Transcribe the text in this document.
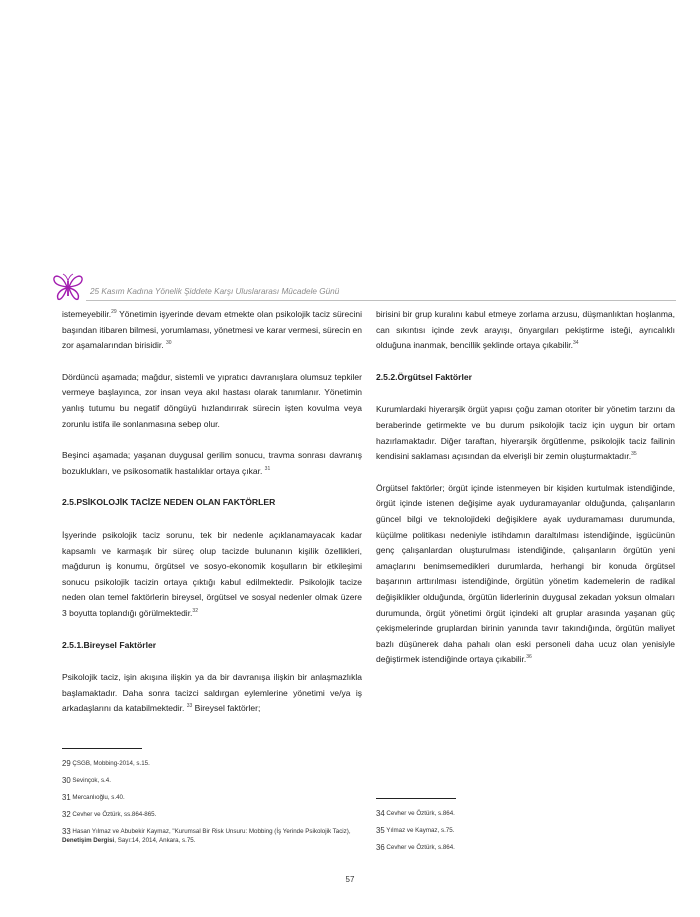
25 Kasım Kadına Yönelik Şiddete Karşı Uluslararası Mücadele Günü

istemeyebilir.$^{29}$ Yönetimin işyerinde devam etmekte olan psikolojik taciz sürecini başından itibaren bilmesi, yorumlaması, yönetmesi ve karar vermesi, sürecin en zor aşamalarından birisidir. $^{30}$

Dördüncü aşamada; mağdur, sistemli ve yıpratıcı davranışlara olumsuz tepkiler vermeye başlayınca, zor insan veya akıl hastası olarak tanımlanır. Yönetimin yanlış tutumu bu negatif döngüyü hızlandırırak sürecin işten kovulma veya zorunlu istifa ile sonlanmasına sebep olur.

Beşinci aşamada; yaşanan duygusal gerilim sonucu, travma sonrası davranış bozuklukları, ve psikosomatik hastalıklar ortaya çıkar. $^{31}$

2.5.PSİKOLOJİK TACİZE NEDEN OLAN FAKTÖRLER

İşyerinde psikolojik taciz sorunu, tek bir nedenle açıklanamayacak kadar kapsamlı ve karmaşık bir süreç olup tacizde bulunanın kişilik özellikleri, mağdurun iş konumu, örgütsel ve sosyo-ekonomik koşulların bir etkileşimi sonucu psikolojik tacizin ortaya çıktığı kabul edilmektedir. Psikolojik tacize neden olan temel faktörlerin bireysel, örgütsel ve sosyal nedenler olmak üzere 3 boyutta toplandığı görülmektedir.$^{32}$

2.5.1.Bireysel Faktörler

Psikolojik taciz, işin akışına ilişkin ya da bir davranışa ilişkin bir anlaşmazlıkla başlamaktadır. Daha sonra tacizci saldırgan eylemlerine yönetimi ve/ya iş arkadaşlarını da katabilmektedir. $^{33}$ Bireysel faktörler;

birisini bir grup kuralını kabul etmeye zorlama arzusu, düşmanlıktan hoşlanma, can sıkıntısı içinde zevk arayışı, önyargıları pekiştirme isteği, ayrıcalıklı olduğuna inanmak, bencillik şeklinde ortaya çıkabilir.$^{34}$

2.5.2.Örgütsel Faktörler

Kurumlardaki hiyerarşik örgüt yapısı çoğu zaman otoriter bir yönetim tarzını da beraberinde getirmekte ve bu durum psikolojik taciz için uygun bir ortam hazırlamaktadır. Diğer taraftan, hiyerarşik örgütlenme, psikolojik taciz failinin kendisini saklaması açısından da elverişli bir zemin oluşturmaktadır.$^{35}$

Örgütsel faktörler; örgüt içinde istenmeyen bir kişiden kurtulmak istendiğinde, örgüt içinde istenen değişime ayak uyduramayanlar olduğunda, çalışanların güncel bilgi ve teknolojideki değişiklere ayak uyduramaması durumunda, küçülme politikası nedeniyle istihdamın daraltılması istendiğinde, işgücünün genç çalışanlardan oluşturulması istendiğinde, çalışanların örgütün yeni amaçlarını benimsemedikleri durumlarda, herhangi bir konuda örgütsel başarının arttırılması istendiğinde, örgütün yönetim kademelerin de radikal değişiklikler olduğunda, örgütün liderlerinin duygusal zekadan yoksun olmaları durumunda, örgüt yönetimi örgüt içindeki alt gruplar arasında yaşanan güç çekişmelerinde gruplardan birinin yanında tavır takındığında, örgütün maliyet bazlı düşünerek daha pahalı olan eski personeli daha ucuz olan yenisiyle değiştirmek istendiğinde ortaya çıkabilir.$^{36}$

29 ÇSGB, Mobbing-2014, s.15.
30 Sevinçok, s.4.
31 Mercanlıoğlu, s.40.
32 Cevher ve Öztürk, ss.864-865.
33 Hasan Yılmaz ve Abubekir Kaymaz, "Kurumsal Bir Risk Unsuru: Mobbing (İş Yerinde Psikolojik Taciz), Denetişim Dergisi, Sayı:14, 2014, Ankara, s.75.
34 Cevher ve Öztürk, s.864.
35 Yılmaz ve Kaymaz, s.75.
36 Cevher ve Öztürk, s.864.
57
